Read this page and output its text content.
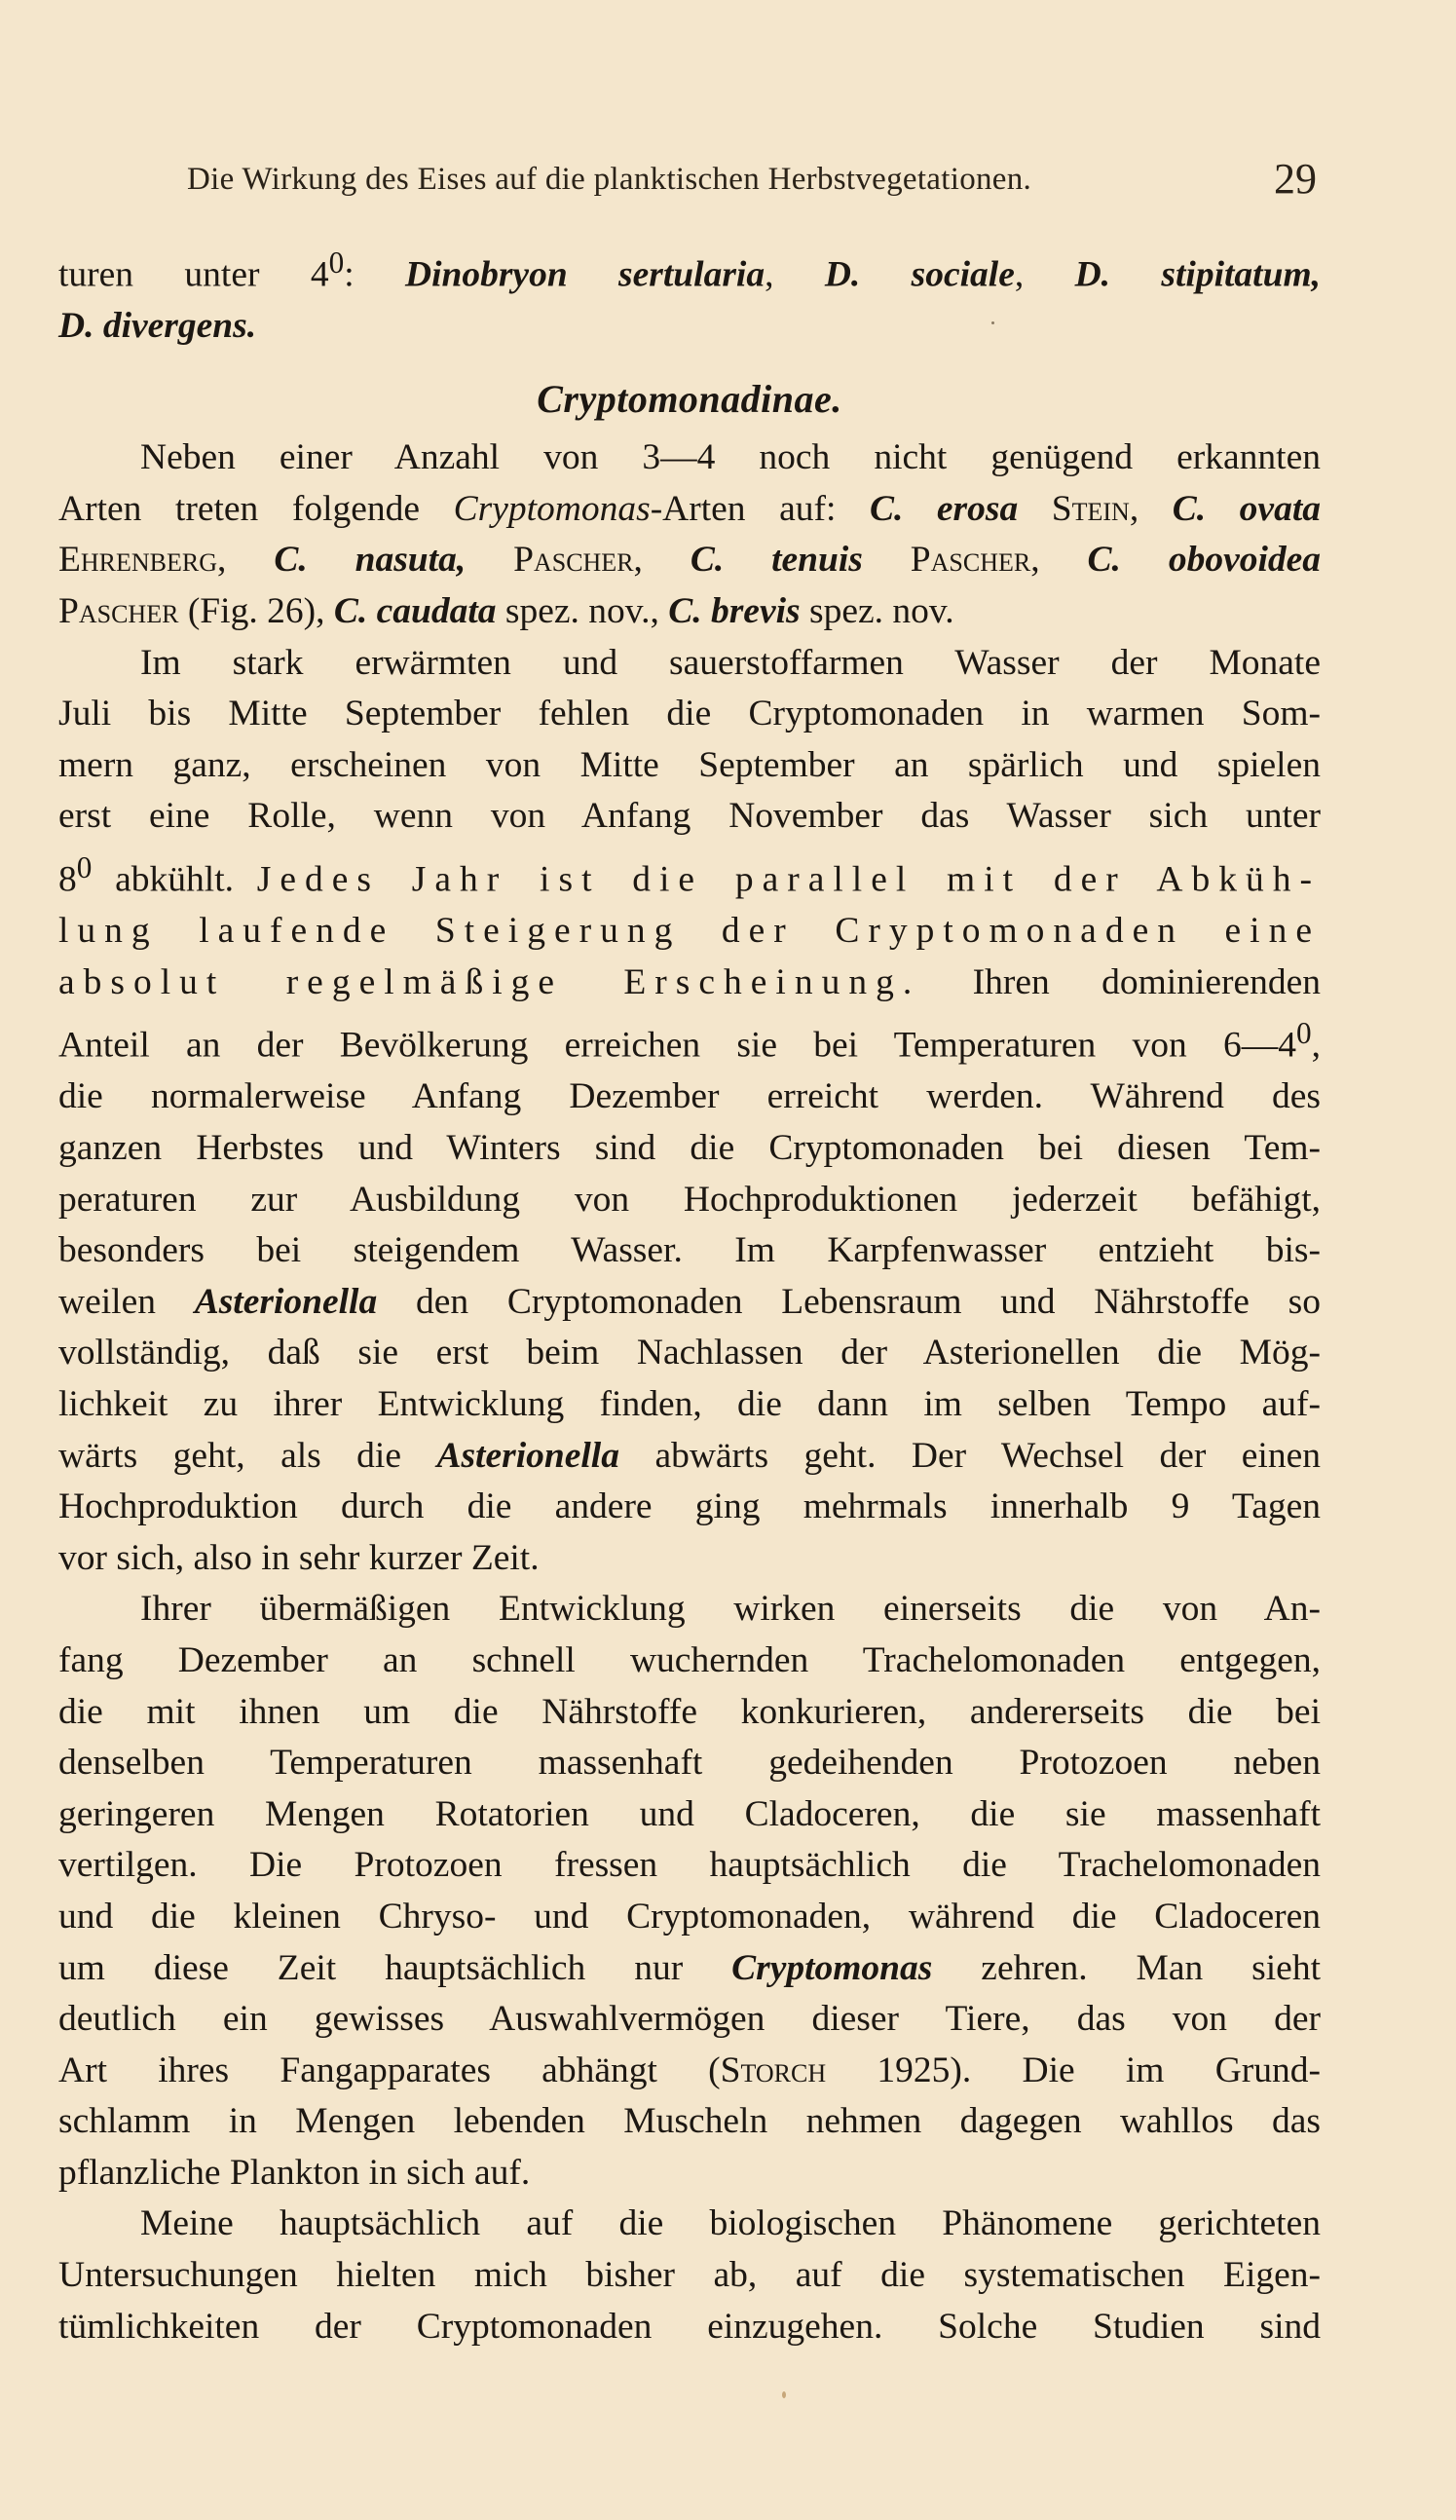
Die Wirkung des Eises auf die planktischen Herbstvegetationen.	29

turen unter $4^0$: Dinobryon sertularia, D. sociale, D. stipitatum,
D. divergens.

Cryptomonadinae.

Neben einer Anzahl von 3—4 noch nicht genügend erkannten
Arten treten folgende Cryptomonas-Arten auf: C. erosa Stein, C. ovata
Ehrenberg, C. nasuta, Pascher, C. tenuis Pascher, C. obovoidea
Pascher (Fig. 26), C. caudata spez. nov., C. brevis spez. nov.

Im stark erwärmten und sauerstoffarmen Wasser der Monate
Juli bis Mitte September fehlen die Cryptomonaden in warmen Som-
mern ganz, erscheinen von Mitte September an spärlich und spielen
erst eine Rolle, wenn von Anfang November das Wasser sich unter
$8^0$ abkühlt. Jedes Jahr ist die parallel mit der Abküh-
lung laufende Steigerung der Cryptomonaden eine
absolut regelmäßige Erscheinung. Ihren dominierenden
Anteil an der Bevölkerung erreichen sie bei Temperaturen von $6—4^0$,
die normalerweise Anfang Dezember erreicht werden. Während des
ganzen Herbstes und Winters sind die Cryptomonaden bei diesen Tem-
peraturen zur Ausbildung von Hochproduktionen jederzeit befähigt,
besonders bei steigendem Wasser. Im Karpfenwasser entzieht bis-
weilen Asterionella den Cryptomonaden Lebensraum und Nährstoffe so
vollständig, daß sie erst beim Nachlassen der Asterionellen die Mög-
lichkeit zu ihrer Entwicklung finden, die dann im selben Tempo auf-
wärts geht, als die Asterionella abwärts geht. Der Wechsel der einen
Hochproduktion durch die andere ging mehrmals innerhalb 9 Tagen
vor sich, also in sehr kurzer Zeit.

Ihrer übermäßigen Entwicklung wirken einerseits die von An-
fang Dezember an schnell wuchernden Trachelomonaden entgegen,
die mit ihnen um die Nährstoffe konkurieren, andererseits die bei
denselben Temperaturen massenhaft gedeihenden Protozoen neben
geringeren Mengen Rotatorien und Cladoceren, die sie massenhaft
vertilgen. Die Protozoen fressen hauptsächlich die Trachelomonaden
und die kleinen Chryso- und Cryptomonaden, während die Cladoceren
um diese Zeit hauptsächlich nur Cryptomonas zehren. Man sieht
deutlich ein gewisses Auswahlvermögen dieser Tiere, das von der
Art ihres Fangapparates abhängt (Storch 1925). Die im Grund-
schlamm in Mengen lebenden Muscheln nehmen dagegen wahllos das
pflanzliche Plankton in sich auf.

Meine hauptsächlich auf die biologischen Phänomene gerichteten
Untersuchungen hielten mich bisher ab, auf die systematischen Eigen-
tümlichkeiten der Cryptomonaden einzugehen. Solche Studien sind
